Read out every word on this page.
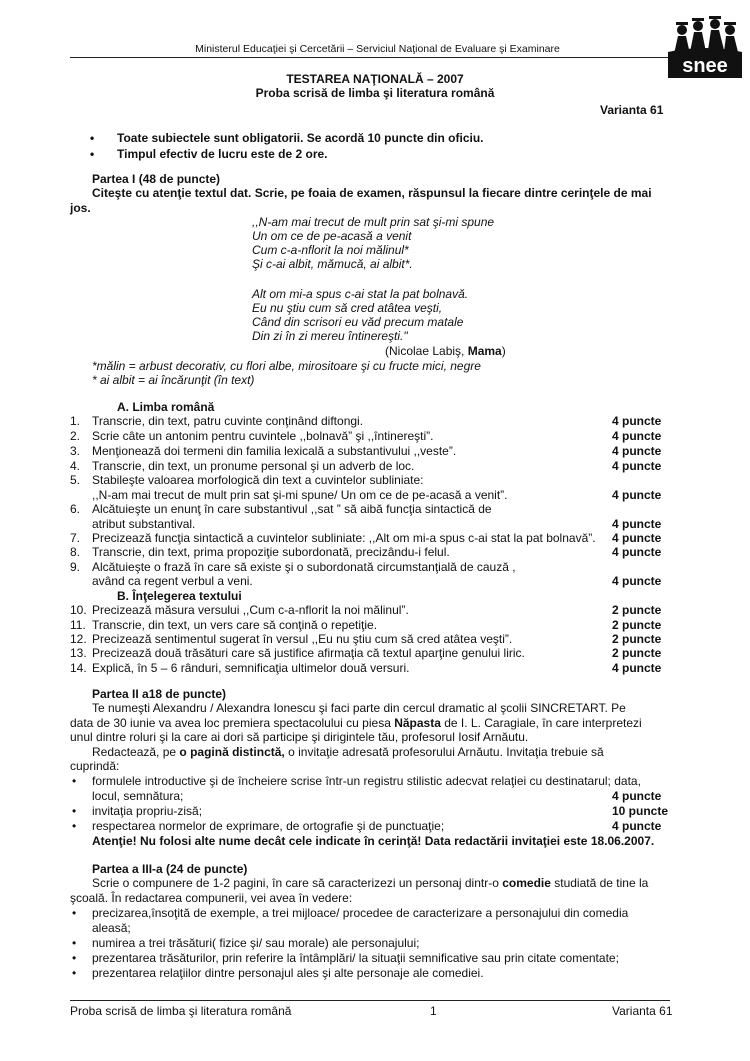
Ministerul Educaţiei şi Cercetării – Serviciul Naţional de Evaluare şi Examinare
snee
TESTAREA NAŢIONALĂ – 2007
Proba scrisă de limba şi literatura română
Varianta 61
• Toate subiectele sunt obligatorii. Se acordă 10 puncte din oficiu.
• Timpul efectiv de lucru este de 2 ore.
Partea I (48 de puncte)
Citeşte cu atenţie textul dat. Scrie, pe foaia de examen, răspunsul la fiecare dintre cerinţele de mai
jos.
,,N-am mai trecut de mult prin sat şi-mi spune
Un om ce de pe-acasă a venit
Cum c-a-nflorit la noi mălinul*
Şi c-ai albit, mămucă, ai albit*.
Alt om mi-a spus c-ai stat la pat bolnavă.
Eu nu ştiu cum să cred atâtea veşti,
Când din scrisori eu văd precum matale
Din zi în zi mereu întinereşti."
(Nicolae Labiş, Mama)
*mălin = arbust decorativ, cu flori albe, mirositoare şi cu fructe mici, negre
* ai albit = ai încărunţit (în text)
A. Limba română
1. Transcrie, din text, patru cuvinte conţinând diftongi.	4 puncte
2. Scrie câte un antonim pentru cuvintele ,,bolnavă” şi ,,întinereşti”.	4 puncte
3. Menţionează doi termeni din familia lexicală a substantivului ,,veste”.	4 puncte
4. Transcrie, din text, un pronume personal şi un adverb de loc.	4 puncte
5. Stabileşte valoarea morfologică din text a cuvintelor subliniate:
,,N-am mai trecut de mult prin sat şi-mi spune/ Un om ce de pe-acasă a venit”.	4 puncte
6. Alcătuieşte un enunţ în care substantivul ,,sat ” să aibă funcţia sintactică de
atribut substantival.	4 puncte
7. Precizează funcţia sintactică a cuvintelor subliniate: ,,Alt om mi-a spus c-ai stat la pat bolnavă”. 4 puncte
8. Transcrie, din text, prima propoziţie subordonată, precizându-i felul.	4 puncte
9. Alcătuieşte o frază în care să existe şi o subordonată circumstanţială de cauză ,
având ca regent verbul a veni.	4 puncte
10. Precizează măsura versului ,,Cum c-a-nflorit la noi mălinul”.	2 puncte
11. Transcrie, din text, un vers care să conţină o repetiţie.	2 puncte
12. Precizează sentimentul sugerat în versul ,,Eu nu ştiu cum să cred atâtea veşti”.	2 puncte
13. Precizează două trăsături care să justifice afirmaţia că textul aparţine genului liric.	2 puncte
14. Explică, în 5 – 6 rânduri, semnificaţia ultimelor două versuri.	4 puncte
B. Înţelegerea textului
Partea II a18 de puncte)
Te numeşti Alexandru / Alexandra Ionescu şi faci parte din cercul dramatic al şcolii SINCRETART. Pe
data de 30 iunie va avea loc premiera spectacolului cu piesa Năpasta de I. L. Caragiale, în care interpretezi
unul dintre roluri şi la care ai dori să participe şi dirigintele tău, profesorul Iosif Arnăutu.
Redactează, pe o pagină distinctă, o invitaţie adresată profesorului Arnăutu. Invitaţia trebuie să
cuprindă:
• formulele introductive şi de încheiere scrise într-un registru stilistic adecvat relaţiei cu destinatarul; data,
locul, semnătura;	4 puncte
• invitaţia propriu-zisă;	10 puncte
• respectarea normelor de exprimare, de ortografie şi de punctuaţie;	4 puncte
Atenţie! Nu folosi alte nume decât cele indicate în cerinţă! Data redactării invitaţiei este 18.06.2007.
Partea a III-a (24 de puncte)
Scrie o compunere de 1-2 pagini, în care să caracterizezi un personaj dintr-o comedie studiată de tine la
şcoală. În redactarea compunerii, vei avea în vedere:
• precizarea,însoţită de exemple, a trei mijloace/ procedee de caracterizare a personajului din comedia
aleasă;
• numirea a trei trăsături( fizice şi/ sau morale) ale personajului;
• prezentarea trăsăturilor, prin referire la întâmplări/ la situaţii semnificative sau prin citate comentate;
• prezentarea relaţiilor dintre personajul ales şi alte personaje ale comediei.
Proba scrisă de limba şi literatura română	1	Varianta 61
